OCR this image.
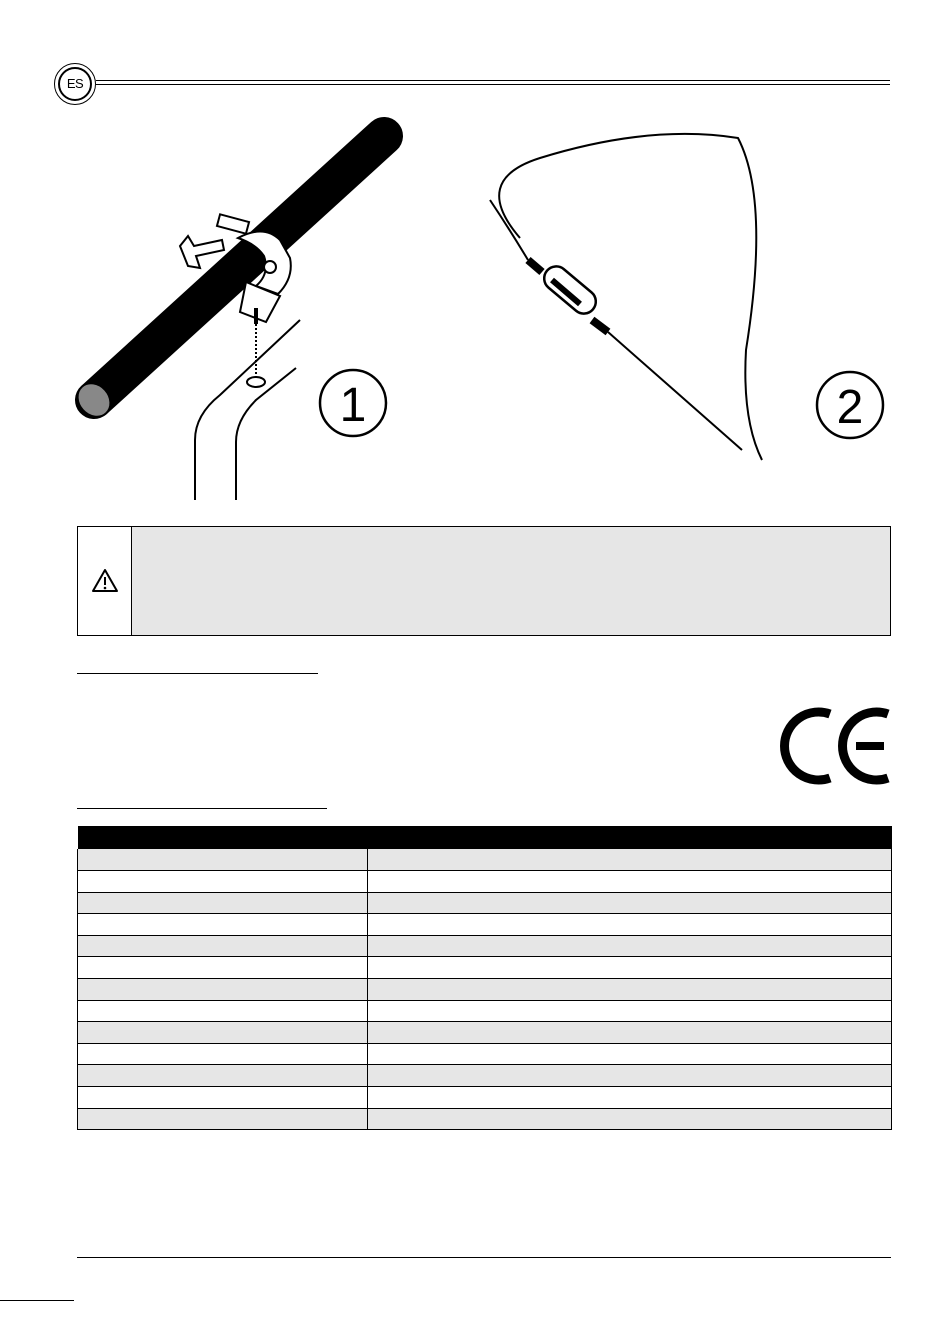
ES
1	2
